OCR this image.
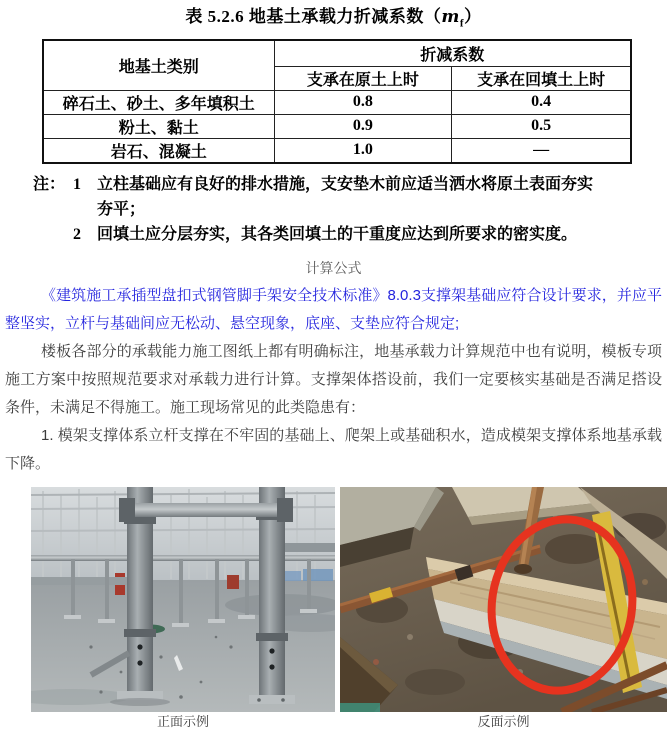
表 5.2.6 地基土承载力折减系数$(m_f)$
地基土类别	折减系数	
	支承在原土上时	支承在回填土上时
碎石土、砂土、多年填积土	0.8	0.4
粉土、黏土	0.9	0.5
岩石、混凝土	1.0	—
注： 1	立柱基础应有良好的排水措施，支安垫木前应适当洒水将原土表面夯实
夯平；
2	回填土应分层夯实，其各类回填土的干重度应达到所要求的密实度。
计算公式

《建筑施工承插型盘扣式钢管脚手架安全技术标准》8.0.3支撑架基础应符合设计要求，并应平整坚实，立杆与基础间应无松动、悬空现象，底座、支垫应符合规定;

楼板各部分的承载能力施工图纸上都有明确标注，地基承载力计算规范中也有说明，模板专项施工方案中按照规范要求对承载力进行计算。支撑架体搭设前，我们一定要核实基础是否满足搭设条件，未满足不得施工。施工现场常见的此类隐患有：

1. 模架支撑体系立杆支撑在不牢固的基础上、爬架上或基础积水，造成模架支撑体系地基承载下降。

正面示例	反面示例
